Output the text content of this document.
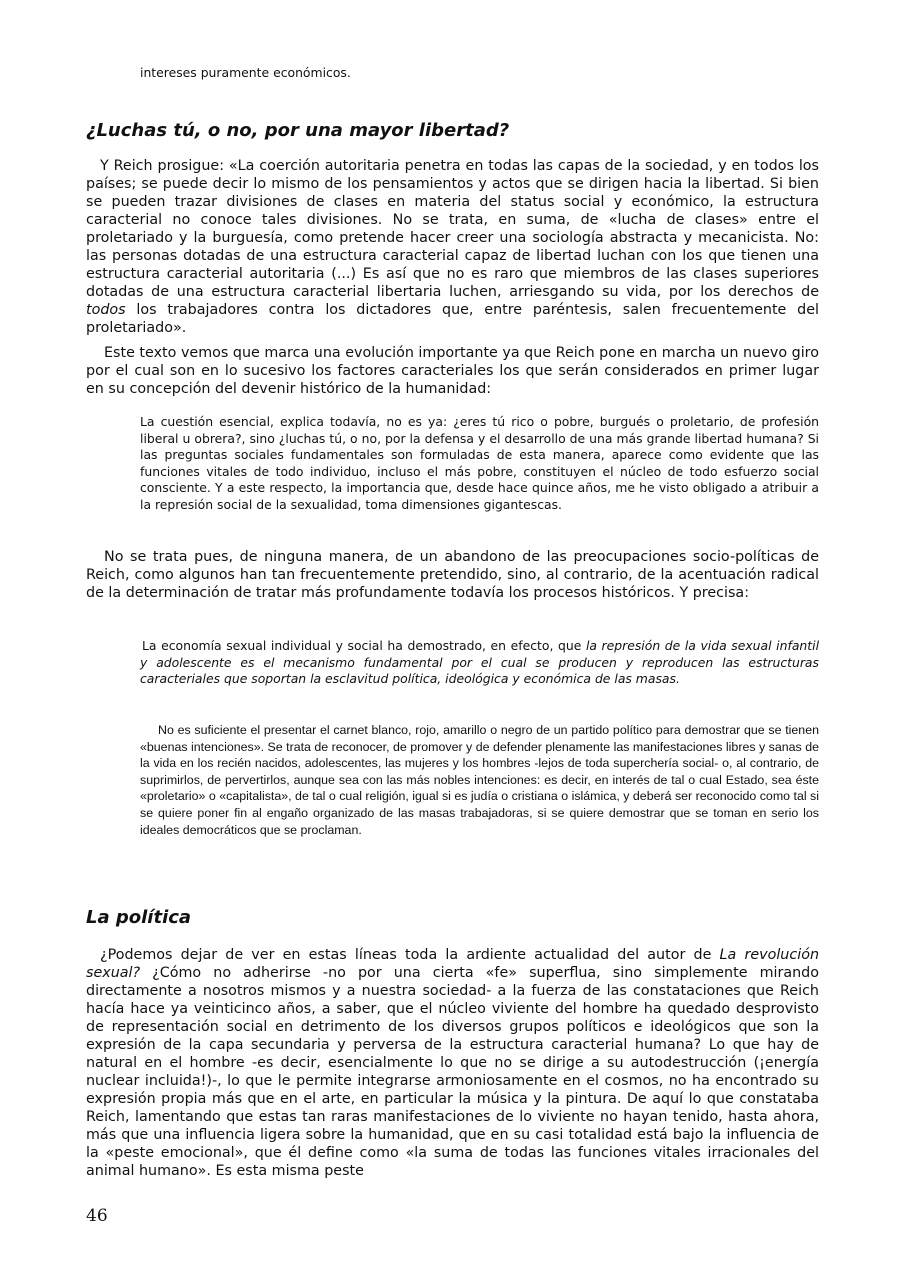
intereses puramente económicos.

¿Luchas tú, o no, por una mayor libertad?

Y Reich prosigue: «La coerción autoritaria penetra en todas las capas de la sociedad, y en todos los países; se puede decir lo mismo de los pensamientos y actos que se dirigen hacia la libertad. Si bien se pueden trazar divisiones de clases en materia del status social y económico, la estructura caracterial no conoce tales divisiones. No se trata, en suma, de «lucha de clases» entre el proletariado y la burguesía, como pretende hacer creer una sociología abstracta y mecanicista. No: las personas dotadas de una estructura caracterial capaz de libertad luchan con los que tienen una estructura caracterial autoritaria (...) Es así que no es raro que miembros de las clases superiores dotadas de una estructura caracterial libertaria luchen, arriesgando su vida, por los derechos de todos los trabajadores contra los dictadores que, entre paréntesis, salen frecuentemente del proletariado».

Este texto vemos que marca una evolución importante ya que Reich pone en marcha un nuevo giro por el cual son en lo sucesivo los factores caracteriales los que serán considerados en primer lugar en su concepción del devenir histórico de la humanidad:

La cuestión esencial, explica todavía, no es ya: ¿eres tú rico o pobre, burgués o proletario, de profesión liberal u obrera?, sino ¿luchas tú, o no, por la defensa y el desarrollo de una más grande libertad humana? Si las preguntas sociales fundamentales son formuladas de esta manera, aparece como evidente que las funciones vitales de todo individuo, incluso el más pobre, constituyen el núcleo de todo esfuerzo social consciente. Y a este respecto, la importancia que, desde hace quince años, me he visto obligado a atribuir a la represión social de la sexualidad, toma dimensiones gigantescas.

No se trata pues, de ninguna manera, de un abandono de las preocupaciones socio-políticas de Reich, como algunos han tan frecuentemente pretendido, sino, al contrario, de la acentuación radical de la determinación de tratar más profundamente todavía los procesos históricos. Y precisa:

La economía sexual individual y social ha demostrado, en efecto, que la represión de la vida sexual infantil y adolescente es el mecanismo fundamental por el cual se producen y reproducen las estructuras caracteriales que soportan la esclavitud política, ideológica y económica de las masas.

No es suficiente el presentar el carnet blanco, rojo, amarillo o negro de un partido político para demostrar que se tienen «buenas intenciones». Se trata de reconocer, de promover y de defender plenamente las manifestaciones libres y sanas de la vida en los recién nacidos, adolescentes, las mujeres y los hombres -lejos de toda superchería social- o, al contrario, de suprimirlos, de pervertirlos, aunque sea con las más nobles intenciones: es decir, en interés de tal o cual Estado, sea éste «proletario» o «capitalista», de tal o cual religión, igual si es judía o cristiana o islámica, y deberá ser reconocido como tal si se quiere poner fin al engaño organizado de las masas trabajadoras, si se quiere demostrar que se toman en serio los ideales democráticos que se proclaman.

La política

¿Podemos dejar de ver en estas líneas toda la ardiente actualidad del autor de La revolución sexual? ¿Cómo no adherirse -no por una cierta «fe» superflua, sino simplemente mirando directamente a nosotros mismos y a nuestra sociedad- a la fuerza de las constataciones que Reich hacía hace ya veinticinco años, a saber, que el núcleo viviente del hombre ha quedado desprovisto de representación social en detrimento de los diversos grupos políticos e ideológicos que son la expresión de la capa secundaria y perversa de la estructura caracterial humana? Lo que hay de natural en el hombre -es decir, esencialmente lo que no se dirige a su autodestrucción (¡energía nuclear incluida!)-, lo que le permite integrarse armoniosamente en el cosmos, no ha encontrado su expresión propia más que en el arte, en particular la música y la pintura. De aquí lo que constataba Reich, lamentando que estas tan raras manifestaciones de lo viviente no hayan tenido, hasta ahora, más que una influencia ligera sobre la humanidad, que en su casi totalidad está bajo la influencia de la «peste emocional», que él define como «la suma de todas las funciones vitales irracionales del animal humano». Es esta misma peste

46
